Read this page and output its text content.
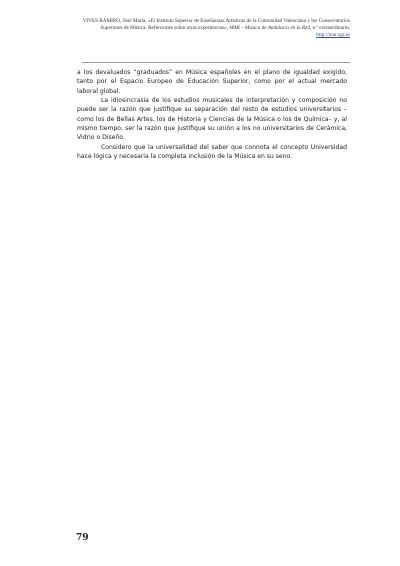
VIVES RAMIRO, José María, «El Instituto Superior de Enseñanzas Artísticas de la Comunidad Valenciana y los Conservatorios Superiores de Música: Reflexiones sobre otras experiencias», MAR – Música de Andalucía en la Red, n.º extraordinario, http://mar.ugr.es

a los devaluados “graduados” en Música españoles en el plano de igualdad exigido, tanto por el Espacio Europeo de Educación Superior, como por el actual mercado laboral global.

La idiosincrasia de los estudios musicales de interpretación y composición no puede ser la razón que justifique su separación del resto de estudios universitarios –como los de Bellas Artes, los de Historia y Ciencias de la Música o los de Química– y, al mismo tiempo, ser la razón que justifique su unión a los no universitarios de Cerámica, Vidrio o Diseño.

Considero que la universalidad del saber que connota el concepto Universidad hace lógica y necesaria la completa inclusión de la Música en su seno.

79
